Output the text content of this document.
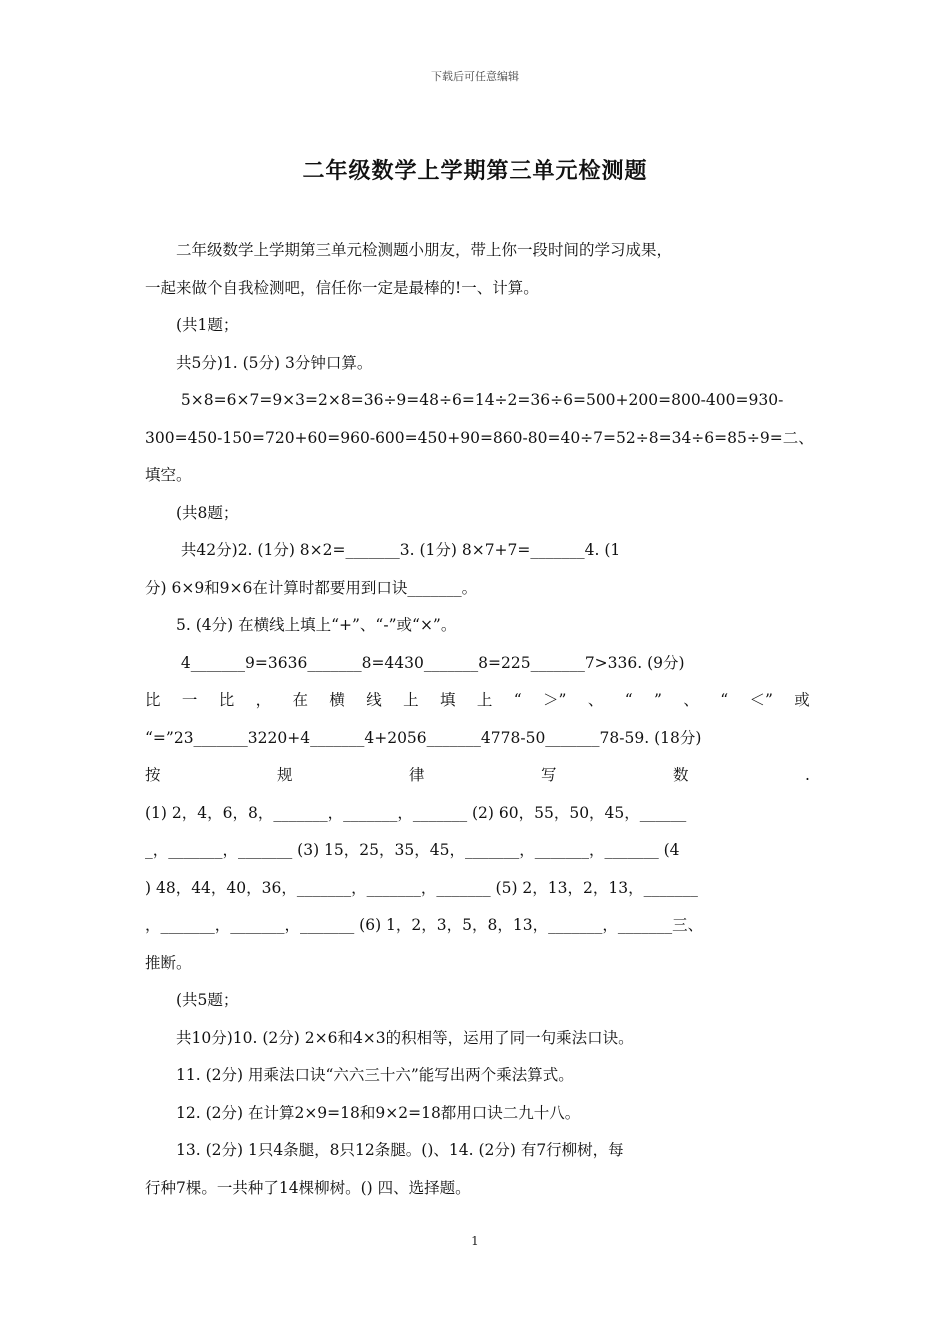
下载后可任意编辑
二年级数学上学期第三单元检测题
　　二年级数学上学期第三单元检测题小朋友，带上你一段时间的学习成果，
一起来做个自我检测吧，信任你一定是最棒的!一、计算。
　　(共1题；
　　共5分)1. (5分) 3分钟口算。
　　 5×8=6×7=9×3=2×8=36÷9=48÷6=14÷2=36÷6=500+200=800-400=930-
300=450-150=720+60=960-600=450+90=860-80=40÷7=52÷8=34÷6=85÷9=二、
填空。
　　(共8题；
　　 共42分)2. (1分) 8×2=_______3. (1分) 8×7+7=_______4. (1
分) 6×9和9×6在计算时都要用到口诀_______。
　　5. (4分) 在横线上填上“+”、“-”或“×”。
　　 4_______9=3636_______8=4430_______8=225_______7>336. (9分)
比 一 比 ， 在 横 线 上 填 上 “ ＞” 、 “ ” 、 “ ＜” 或
“=”23_______3220+4_______4+2056_______4778-50_______78-59. (18分)
按	规	律	写	数	.
(1) 2，4，6，8，_______，_______，_______ (2) 60，55，50，45，______
_，_______，_______ (3) 15，25，35，45，_______，_______，_______ (4
) 48，44，40，36，_______，_______，_______ (5) 2，13，2，13，_______
，_______，_______，_______ (6) 1，2，3，5，8，13，_______，_______三、
推断。
　　(共5题；
　　共10分)10. (2分) 2×6和4×3的积相等，运用了同一句乘法口诀。
　　11. (2分) 用乘法口诀“六六三十六”能写出两个乘法算式。
　　12. (2分) 在计算2×9=18和9×2=18都用口诀二九十八。
　　13. (2分) 1只4条腿，8只12条腿。()、14. (2分) 有7行柳树，每
行种7棵。一共种了14棵柳树。() 四、选择题。
1
